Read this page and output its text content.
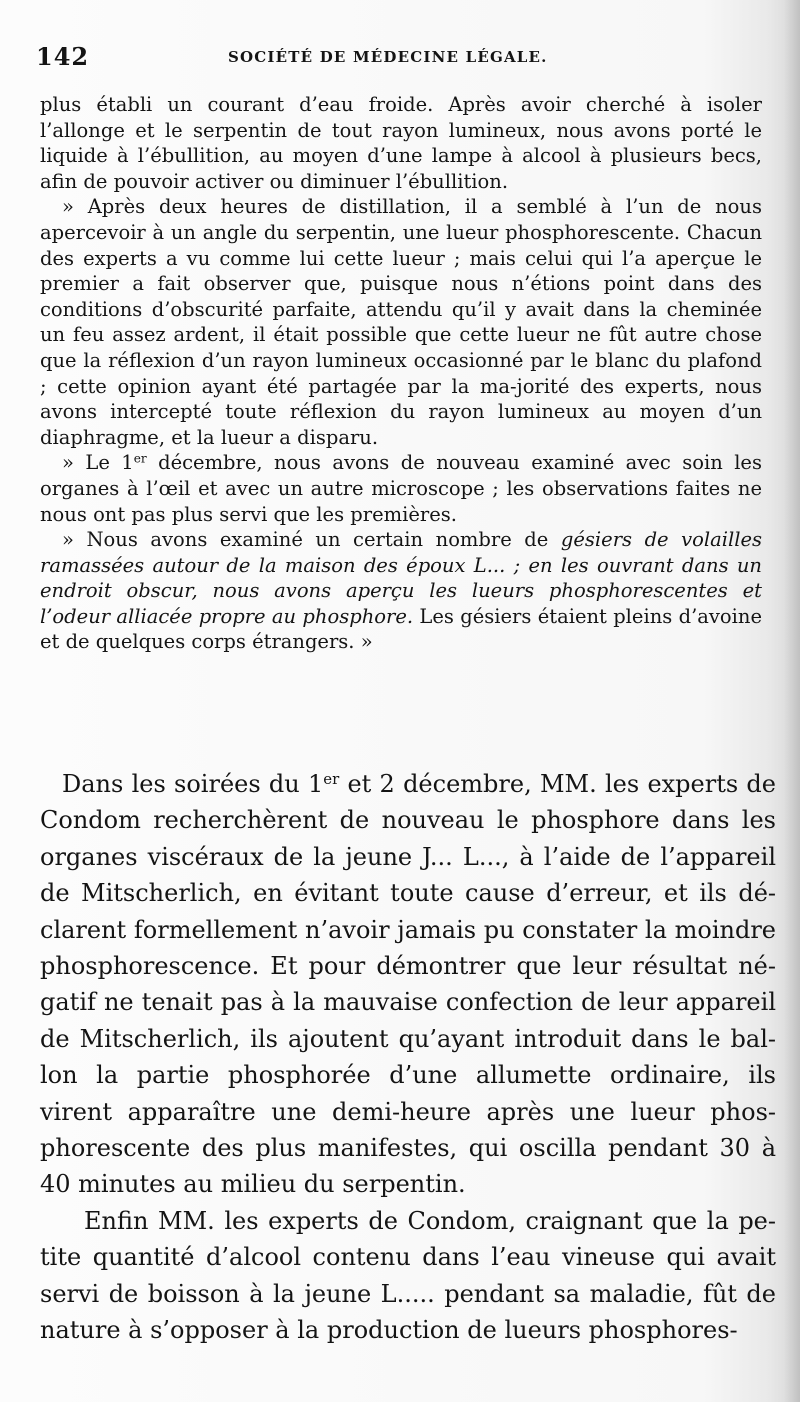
142	SOCIÉTÉ DE MÉDECINE LÉGALE.

plus établi un courant d’eau froide. Après avoir cherché à isoler l’allonge et le serpentin de tout rayon lumineux, nous avons porté le liquide à l’ébullition, au moyen d’une lampe à alcool à plusieurs becs, afin de pouvoir activer ou diminuer l’ébullition.

» Après deux heures de distillation, il a semblé à l’un de nous apercevoir à un angle du serpentin, une lueur phosphorescente. Chacun des experts a vu comme lui cette lueur ; mais celui qui l’a aperçue le premier a fait observer que, puisque nous n’étions point dans des conditions d’obscurité parfaite, attendu qu’il y avait dans la cheminée un feu assez ardent, il était possible que cette lueur ne fût autre chose que la réflexion d’un rayon lumineux occasionné par le blanc du plafond ; cette opinion ayant été partagée par la ma-jorité des experts, nous avons intercepté toute réflexion du rayon lumineux au moyen d’un diaphragme, et la lueur a disparu.

» Le 1er décembre, nous avons de nouveau examiné avec soin les organes à l’œil et avec un autre microscope ; les observations faites ne nous ont pas plus servi que les premières.

» Nous avons examiné un certain nombre de gésiers de volailles ramassées autour de la maison des époux L... ; en les ouvrant dans un endroit obscur, nous avons aperçu les lueurs phosphorescentes et l’odeur alliacée propre au phosphore. Les gésiers étaient pleins d’avoine et de quelques corps étrangers. »

Dans les soirées du 1er et 2 décembre, MM. les experts de Condom recherchèrent de nouveau le phosphore dans les organes viscéraux de la jeune J... L..., à l’aide de l’appareil de Mitscherlich, en évitant toute cause d’erreur, et ils dé-clarent formellement n’avoir jamais pu constater la moindre phosphorescence. Et pour démontrer que leur résultat né-gatif ne tenait pas à la mauvaise confection de leur appareil de Mitscherlich, ils ajoutent qu’ayant introduit dans le bal-lon la partie phosphorée d’une allumette ordinaire, ils virent apparaître une demi-heure après une lueur phos-phorescente des plus manifestes, qui oscilla pendant 30 à 40 minutes au milieu du serpentin.

Enfin MM. les experts de Condom, craignant que la pe-tite quantité d’alcool contenu dans l’eau vineuse qui avait servi de boisson à la jeune L..... pendant sa maladie, fût de nature à s’opposer à la production de lueurs phosphores-
